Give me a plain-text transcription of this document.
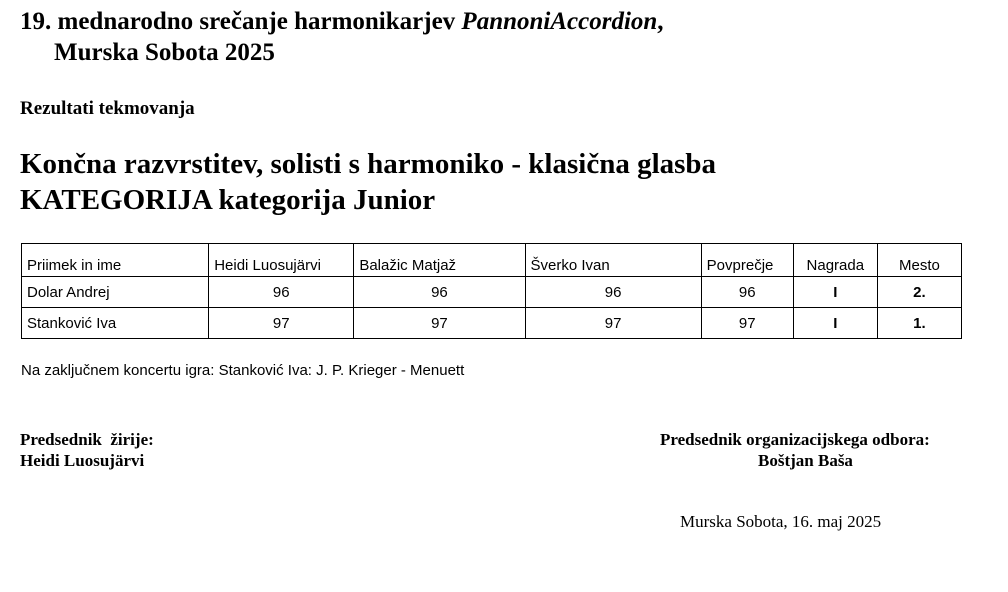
19. mednarodno srečanje harmonikarjev PannoniAccordion,
Murska Sobota 2025
Rezultati tekmovanja
Končna razvrstitev, solisti s harmoniko - klasična glasba
KATEGORIJA kategorija Junior
Priimek in ime	Heidi Luosujärvi	Balažic Matjaž	Šverko Ivan	Povprečje	Nagrada	Mesto
Dolar Andrej	96	96	96	96	I	2.
Stanković Iva	97	97	97	97	I	1.
Na zaključnem koncertu igra: Stanković Iva: J. P. Krieger - Menuett
Predsednik  žirije:
Heidi Luosujärvi
Predsednik organizacijskega odbora:
Boštjan Baša
Murska Sobota, 16. maj 2025
